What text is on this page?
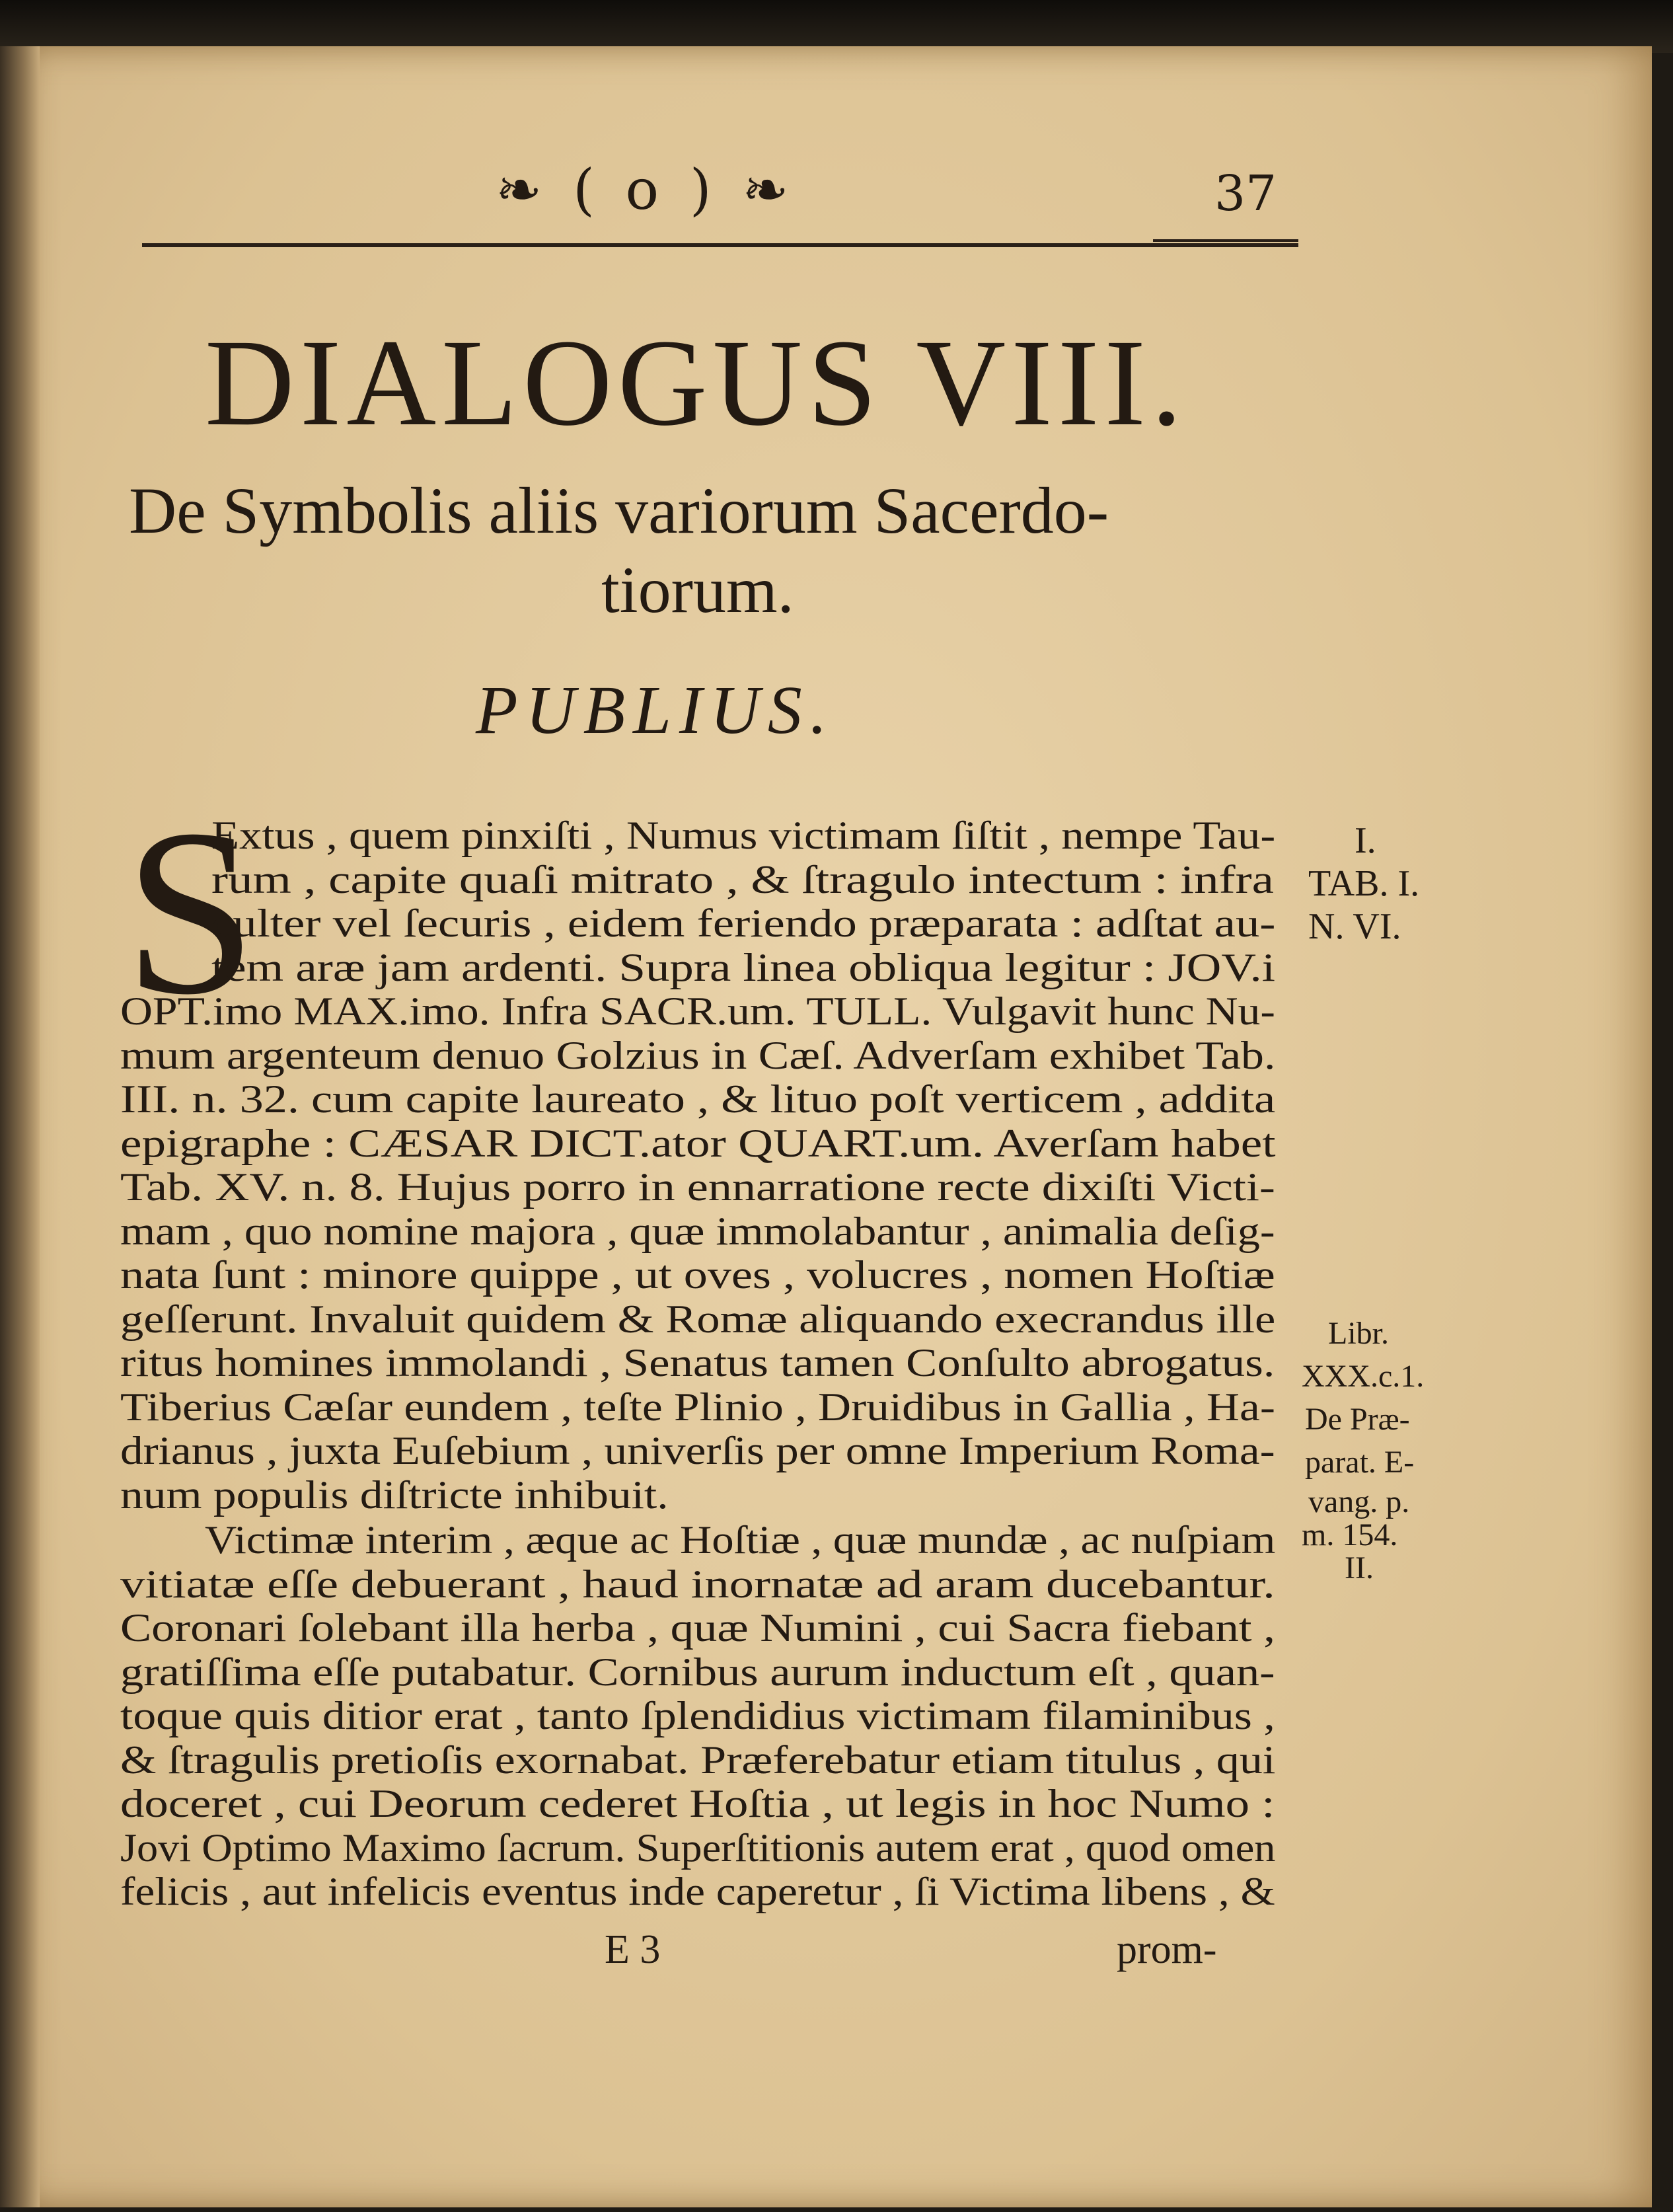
❧ ( o ) ❧	37
DIALOGUS VIII.
De Symbolis aliis variorum Sacerdo-
tiorum.
PUBLIUS.
S
Extus , quem pinxiſti , Numus victimam ſiſtit , nempe Tau-
rum , capite quaſi mitrato , & ſtragulo intectum : infra
culter vel ſecuris , eidem feriendo præparata : adſtat au-
tem aræ jam ardenti. Supra linea obliqua legitur : JOV.i
OPT.imo MAX.imo. Infra SACR.um. TULL. Vulgavit hunc Nu-
mum argenteum denuo Golzius in Cæſ. Adverſam exhibet Tab.
III. n. 32. cum capite laureato , & lituo poſt verticem , addita
epigraphe : CÆSAR DICT.ator QUART.um. Averſam habet
Tab. XV. n. 8. Hujus porro in ennarratione recte dixiſti Victi-
mam , quo nomine majora , quæ immolabantur , animalia deſig-
nata ſunt : minore quippe , ut oves , volucres , nomen Hoſtiæ
geſſerunt. Invaluit quidem & Romæ aliquando execrandus ille
ritus homines immolandi , Senatus tamen Conſulto abrogatus.
Tiberius Cæſar eundem , teſte Plinio , Druidibus in Gallia , Ha-
drianus , juxta Euſebium , univerſis per omne Imperium Roma-
num populis diſtricte inhibuit.
Victimæ interim , æque ac Hoſtiæ , quæ mundæ , ac nuſpiam
vitiatæ eſſe debuerant , haud inornatæ ad aram ducebantur.
Coronari ſolebant illa herba , quæ Numini , cui Sacra fiebant ,
gratiſſima eſſe putabatur. Cornibus aurum inductum eſt , quan-
toque quis ditior erat , tanto ſplendidius victimam filaminibus ,
& ſtragulis pretioſis exornabat. Præferebatur etiam titulus , qui
doceret , cui Deorum cederet Hoſtia , ut legis in hoc Numo :
Jovi Optimo Maximo ſacrum. Superſtitionis autem erat , quod omen
felicis , aut infelicis eventus inde caperetur , ſi Victima libens , &
I.
TAB. I.
N. VI.
Libr.
XXX.c.1.
De Præ-
parat. E-
vang. p.
m. 154.
II.
E 3	prom-
